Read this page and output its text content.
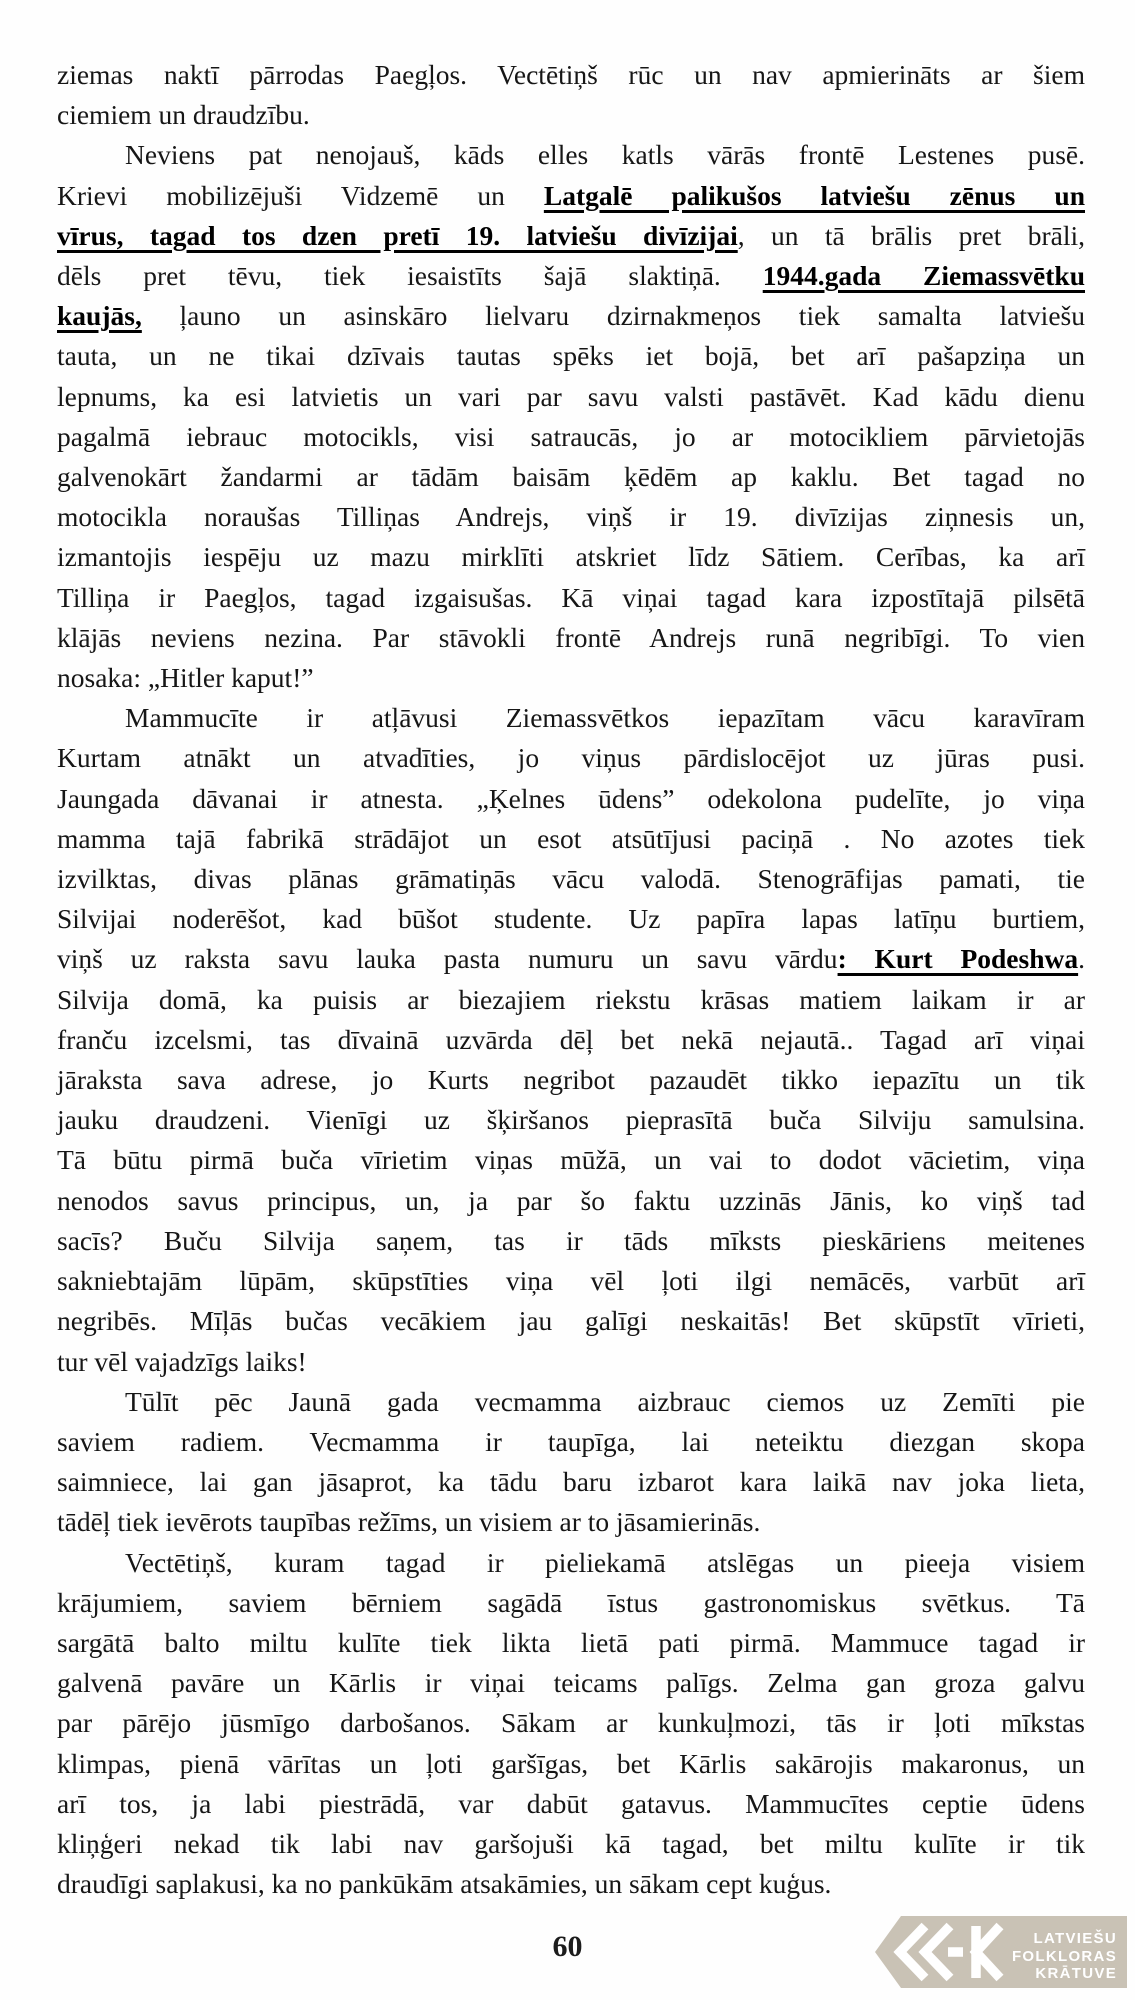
ziemas naktī pārrodas Paegļos. Vectētiņš rūc un nav apmierināts ar šiem
ciemiem un draudzību.
Neviens pat nenojauš, kāds elles katls vārās frontē Lestenes pusē.
Krievi mobilizējuši Vidzemē un Latgalē palikušos latviešu zēnus un
vīrus, tagad tos dzen pretī 19. latviešu divīzijai, un tā brālis pret brāli,
dēls pret tēvu, tiek iesaistīts šajā slaktiņā. 1944.gada Ziemassvētku
kaujās, ļauno un asinskāro lielvaru dzirnakmeņos tiek samalta latviešu
tauta, un ne tikai dzīvais tautas spēks iet bojā, bet arī pašapziņa un
lepnums, ka esi latvietis un vari par savu valsti pastāvēt. Kad kādu dienu
pagalmā iebrauc motocikls, visi satraucās, jo ar motocikliem pārvietojās
galvenokārt žandarmi ar tādām baisām ķēdēm ap kaklu. Bet tagad no
motocikla noraušas Tilliņas Andrejs, viņš ir 19. divīzijas ziņnesis un,
izmantojis iespēju uz mazu mirklīti atskriet līdz Sātiem. Cerības, ka arī
Tilliņa ir Paegļos, tagad izgaisušas. Kā viņai tagad kara izpostītajā pilsētā
klājās neviens nezina. Par stāvokli frontē Andrejs runā negribīgi. To vien
nosaka: „Hitler kaput!”
Mammucīte ir atļāvusi Ziemassvētkos iepazītam vācu karavīram
Kurtam atnākt un atvadīties, jo viņus pārdislocējot uz jūras pusi.
Jaungada dāvanai ir atnesta. „Ķelnes ūdens” odekolona pudelīte, jo viņa
mamma tajā fabrikā strādājot un esot atsūtījusi paciņā . No azotes tiek
izvilktas, divas plānas grāmatiņās vācu valodā. Stenogrāfijas pamati, tie
Silvijai noderēšot, kad būšot studente. Uz papīra lapas latīņu burtiem,
viņš uz raksta savu lauka pasta numuru un savu vārdu: Kurt Podeshwa.
Silvija domā, ka puisis ar biezajiem riekstu krāsas matiem laikam ir ar
franču izcelsmi, tas dīvainā uzvārda dēļ bet nekā nejautā.. Tagad arī viņai
jāraksta sava adrese, jo Kurts negribot pazaudēt tikko iepazītu un tik
jauku draudzeni. Vienīgi uz šķiršanos pieprasītā buča Silviju samulsina.
Tā būtu pirmā buča vīrietim viņas mūžā, un vai to dodot vācietim, viņa
nenodos savus principus, un, ja par šo faktu uzzinās Jānis, ko viņš tad
sacīs? Buču Silvija saņem, tas ir tāds mīksts pieskāriens meitenes
sakniebtajām lūpām, skūpstīties viņa vēl ļoti ilgi nemācēs, varbūt arī
negribēs. Mīļās bučas vecākiem jau galīgi neskaitās! Bet skūpstīt vīrieti,
tur vēl vajadzīgs laiks!
Tūlīt pēc Jaunā gada vecmamma aizbrauc ciemos uz Zemīti pie
saviem radiem. Vecmamma ir taupīga, lai neteiktu diezgan skopa
saimniece, lai gan jāsaprot, ka tādu baru izbarot kara laikā nav joka lieta,
tādēļ tiek ievērots taupības režīms, un visiem ar to jāsamierinās.
Vectētiņš, kuram tagad ir pieliekamā atslēgas un pieeja visiem
krājumiem, saviem bērniem sagādā īstus gastronomiskus svētkus. Tā
sargātā balto miltu kulīte tiek likta lietā pati pirmā. Mammuce tagad ir
galvenā pavāre un Kārlis ir viņai teicams palīgs. Zelma gan groza galvu
par pārējo jūsmīgo darbošanos. Sākam ar kunkuļmozi, tās ir ļoti mīkstas
klimpas, pienā vārītas un ļoti garšīgas, bet Kārlis sakārojis makaronus, un
arī tos, ja labi piestrādā, var dabūt gatavus. Mammucītes ceptie ūdens
kliņģeri nekad tik labi nav garšojuši kā tagad, bet miltu kulīte ir tik
draudīgi saplakusi, ka no pankūkām atsakāmies, un sākam cept kuģus.
60	LATVIEŠU
FOLKLORAS
KRĀTUVE
